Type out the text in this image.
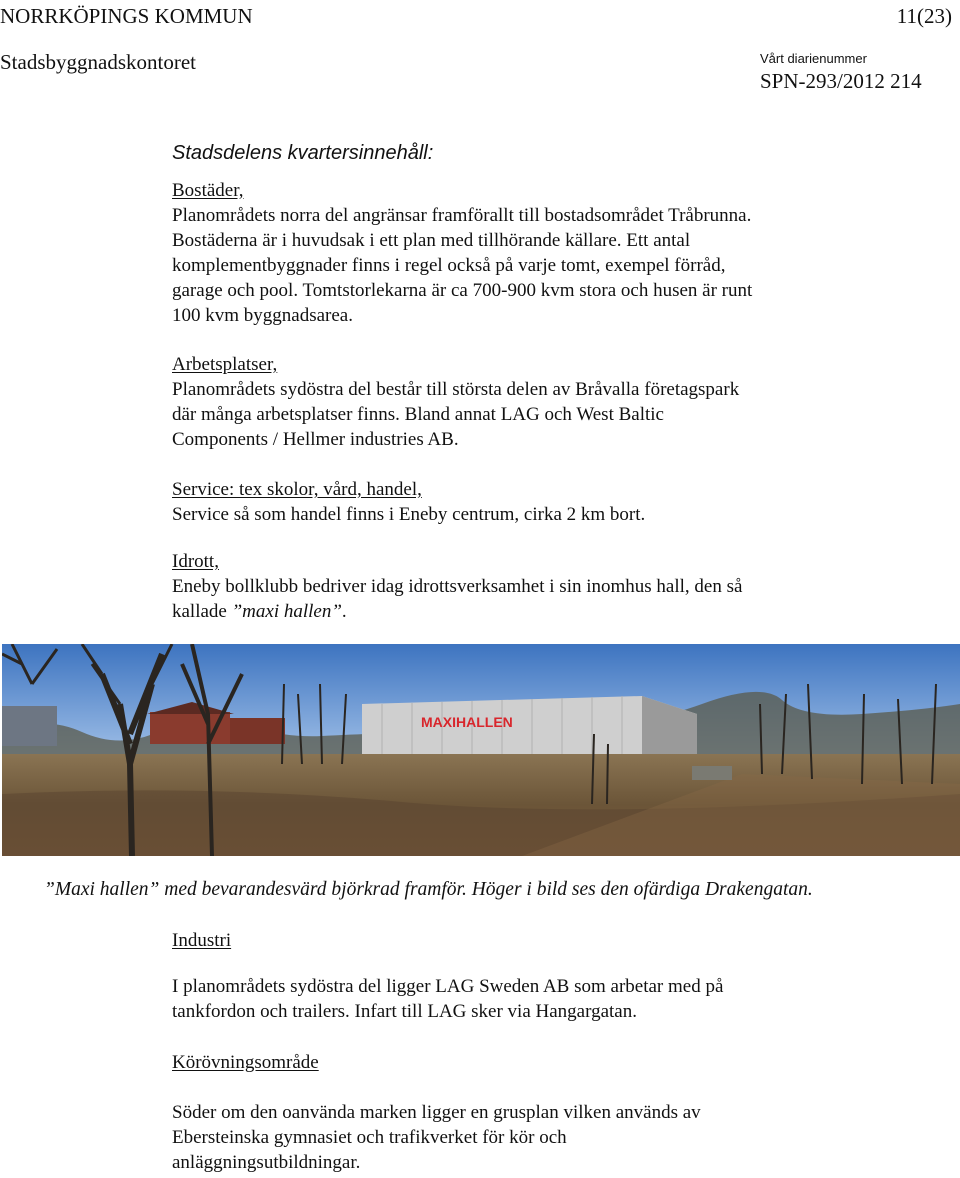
NORRKÖPINGS KOMMUN	11(23)
Stadsbyggnadskontoret	Vårt diarienummer
SPN-293/2012 214
Stadsdelens kvartersinnehåll:
Bostäder,
Planområdets norra del angränsar framförallt till bostadsområdet Tråbrunna.
Bostäderna är i huvudsak i ett plan med tillhörande källare. Ett antal
komplementbyggnader finns i regel också på varje tomt, exempel förråd,
garage och pool. Tomtstorlekarna är ca 700-900 kvm stora och husen är runt
100 kvm byggnadsarea.
Arbetsplatser,
Planområdets sydöstra del består till största delen av Bråvalla företagspark
där många arbetsplatser finns. Bland annat LAG och West Baltic
Components / Hellmer industries AB.
Service: tex skolor, vård, handel,
Service så som handel finns i Eneby centrum, cirka 2 km bort.
Idrott,
Eneby bollklubb bedriver idag idrottsverksamhet i sin inomhus hall, den så
kallade ”maxi hallen”.
MAXIHALLEN
”Maxi hallen” med bevarandesvärd björkrad framför. Höger i bild ses den ofärdiga Drakengatan.
Industri
I planområdets sydöstra del ligger LAG Sweden AB som arbetar med på
tankfordon och trailers. Infart till LAG sker via Hangargatan.
Körövningsområde
Söder om den oanvända marken ligger en grusplan vilken används av
Ebersteinska gymnasiet och trafikverket för kör och
anläggningsutbildningar.
